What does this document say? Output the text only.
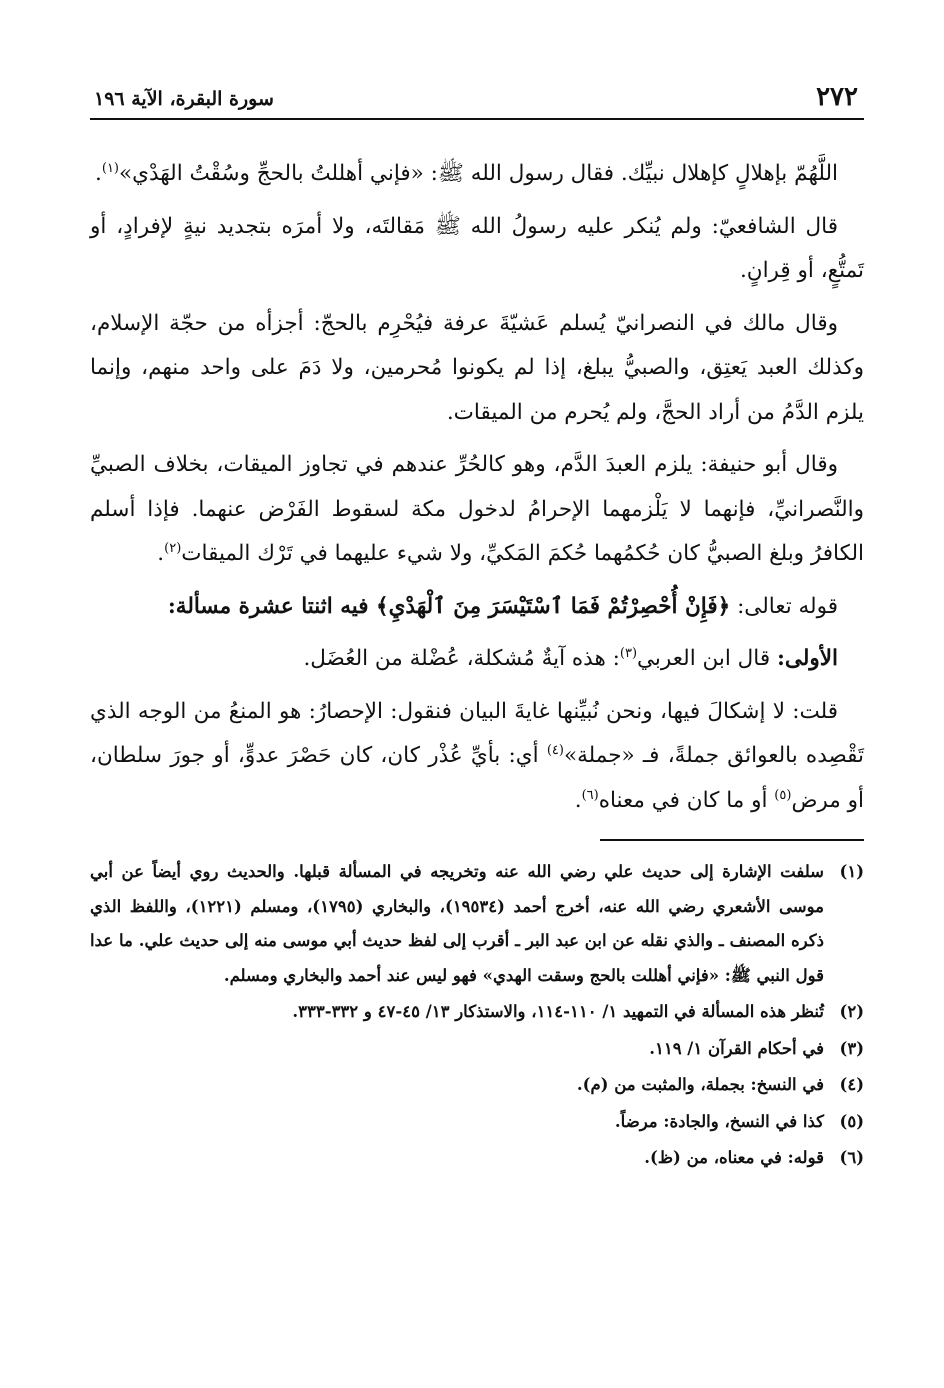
٢٧٢
سورة البقرة، الآية ١٩٦

اللَّهُمّ بإهلالٍ كإهلال نبيِّك. فقال رسول الله ﷺ: «فإني أهللتُ بالحجِّ وسُقْتُ الهَدْي»$^{(١)}$.

قال الشافعيّ: ولم يُنكر عليه رسولُ الله ﷺ مَقالتَه، ولا أمرَه بتجديد نيةٍ لإفرادٍ، أو تَمتُّعٍ، أو قِرانٍ.

وقال مالك في النصرانيّ يُسلم عَشيّةَ عرفة فيُحْرِم بالحجّ: أجزأه من حجّة الإسلام، وكذلك العبد يَعتِق، والصبيُّ يبلغ، إذا لم يكونوا مُحرمين، ولا دَمَ على واحد منهم، وإنما يلزم الدَّمُ من أراد الحجَّ، ولم يُحرم من الميقات.

وقال أبو حنيفة: يلزم العبدَ الدَّم، وهو كالحُرِّ عندهم في تجاوز الميقات، بخلاف الصبيِّ والنَّصرانيِّ، فإنهما لا يَلْزمهما الإحرامُ لدخول مكة لسقوط الفَرْض عنهما. فإذا أسلم الكافرُ وبلغ الصبيُّ كان حُكمُهما حُكمَ المَكيِّ، ولا شيء عليهما في تَرْك الميقات$^{(٢)}$.

قوله تعالى: ﴿فَإِنْ أُحْصِرْتُمْ فَمَا ٱسْتَيْسَرَ مِنَ ٱلْهَدْيِ﴾ فيه اثنتا عشرة مسألة:

الأولى: قال ابن العربي$^{(٣)}$: هذه آيةٌ مُشكلة، عُضْلة من العُضَل.

قلت: لا إشكالَ فيها، ونحن نُبيِّنها غايةَ البيان فنقول: الإحصارُ: هو المنعُ من الوجه الذي تَقْصِده بالعوائق جملةً، فـ «جملة»$^{(٤)}$ أي: بأيِّ عُذْر كان، كان حَصْرَ عدوٍّ، أو جورَ سلطان، أو مرض$^{(٥)}$ أو ما كان في معناه$^{(٦)}$.

(١)
سلفت الإشارة إلى حديث علي رضي الله عنه وتخريجه في المسألة قبلها. والحديث روي أيضاً عن أبي موسى الأشعري رضي الله عنه، أخرج أحمد (١٩٥٣٤)، والبخاري (١٧٩٥)، ومسلم (١٢٢١)، واللفظ الذي ذكره المصنف ـ والذي نقله عن ابن عبد البر ـ أقرب إلى لفظ حديث أبي موسى منه إلى حديث علي. ما عدا قول النبي ﷺ: «فإني أهللت بالحج وسقت الهدي» فهو ليس عند أحمد والبخاري ومسلم.
(٢)
تُنظر هذه المسألة في التمهيد ١/ ١١٠-١١٤، والاستذكار ١٣/ ٤٥-٤٧ و ٣٣٢-٣٣٣.
(٣)
في أحكام القرآن ١/ ١١٩.
(٤)
في النسخ: بجملة، والمثبت من (م).
(٥)
كذا في النسخ، والجادة: مرضاً.
(٦)
قوله: في معناه، من (ظ).
